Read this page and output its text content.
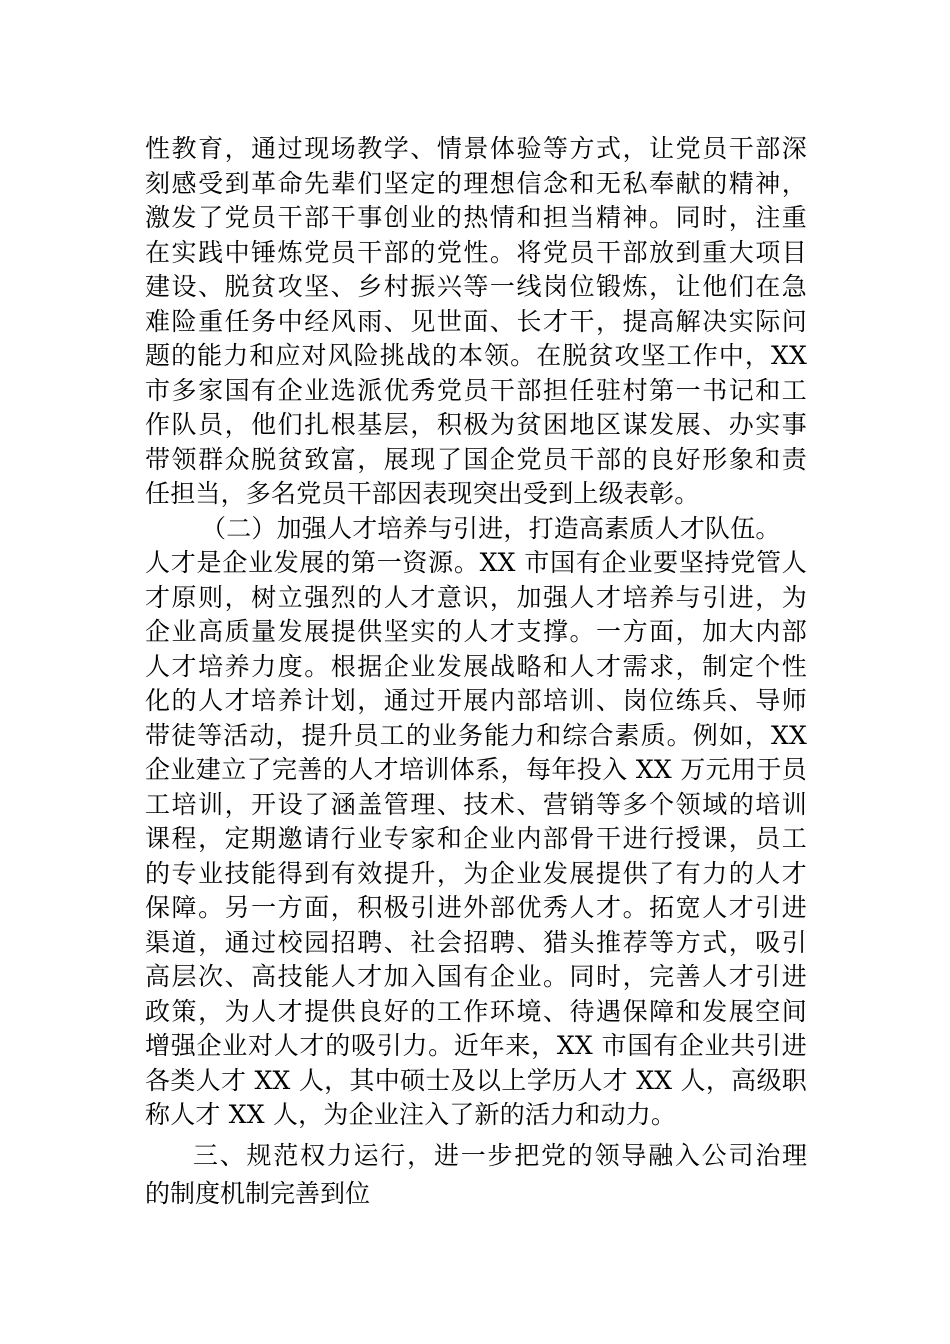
性教育，通过现场教学、情景体验等方式，让党员干部深
刻感受到革命先辈们坚定的理想信念和无私奉献的精神，
激发了党员干部干事创业的热情和担当精神。同时，注重
在实践中锤炼党员干部的党性。将党员干部放到重大项目
建设、脱贫攻坚、乡村振兴等一线岗位锻炼，让他们在急
难险重任务中经风雨、见世面、长才干，提高解决实际问
题的能力和应对风险挑战的本领。在脱贫攻坚工作中，XX
市多家国有企业选派优秀党员干部担任驻村第一书记和工
作队员，他们扎根基层，积极为贫困地区谋发展、办实事
带领群众脱贫致富，展现了国企党员干部的良好形象和责
任担当，多名党员干部因表现突出受到上级表彰。
（二）加强人才培养与引进，打造高素质人才队伍。
人才是企业发展的第一资源。XX 市国有企业要坚持党管人
才原则，树立强烈的人才意识，加强人才培养与引进，为
企业高质量发展提供坚实的人才支撑。一方面，加大内部
人才培养力度。根据企业发展战略和人才需求，制定个性
化的人才培养计划，通过开展内部培训、岗位练兵、导师
带徒等活动，提升员工的业务能力和综合素质。例如，XX
企业建立了完善的人才培训体系，每年投入 XX 万元用于员
工培训，开设了涵盖管理、技术、营销等多个领域的培训
课程，定期邀请行业专家和企业内部骨干进行授课，员工
的专业技能得到有效提升，为企业发展提供了有力的人才
保障。另一方面，积极引进外部优秀人才。拓宽人才引进
渠道，通过校园招聘、社会招聘、猎头推荐等方式，吸引
高层次、高技能人才加入国有企业。同时，完善人才引进
政策，为人才提供良好的工作环境、待遇保障和发展空间
增强企业对人才的吸引力。近年来，XX 市国有企业共引进
各类人才 XX 人，其中硕士及以上学历人才 XX 人，高级职
称人才 XX 人，为企业注入了新的活力和动力。
三、规范权力运行，进一步把党的领导融入公司治理
的制度机制完善到位
